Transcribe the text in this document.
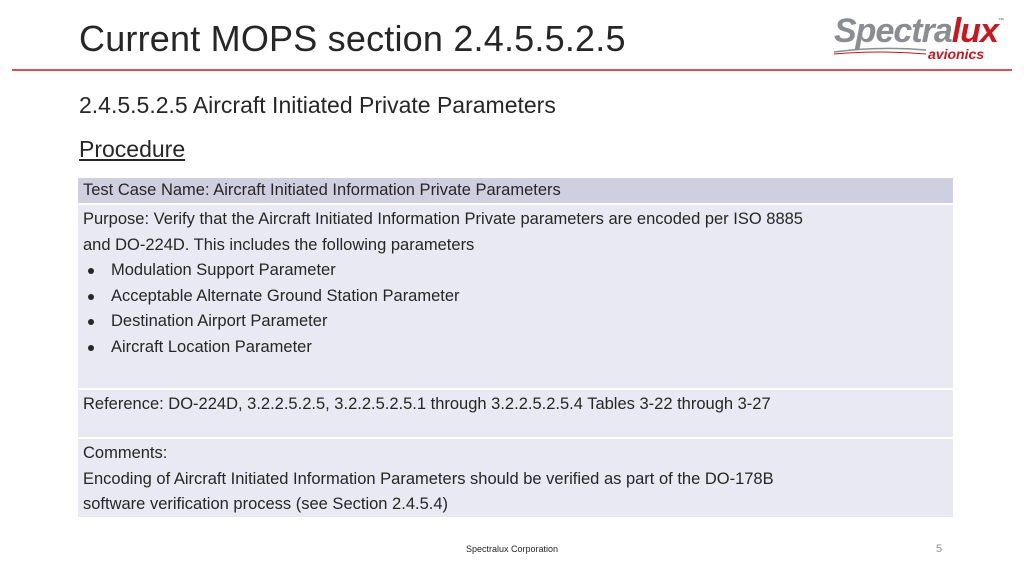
Current MOPS section 2.4.5.5.2.5	Spectralux ™
avionics
2.4.5.5.2.5 Aircraft Initiated Private Parameters
Procedure
Test Case Name: Aircraft Initiated Information Private Parameters
Purpose: Verify that the Aircraft Initiated Information Private parameters are encoded per ISO 8885
and DO-224D. This includes the following parameters
Modulation Support Parameter
Acceptable Alternate Ground Station Parameter
Destination Airport Parameter
Aircraft Location Parameter
Reference: DO-224D, 3.2.2.5.2.5, 3.2.2.5.2.5.1 through 3.2.2.5.2.5.4 Tables 3-22 through 3-27
Comments:
Encoding of Aircraft Initiated Information Parameters should be verified as part of the DO-178B
software verification process (see Section 2.4.5.4)
Spectralux Corporation	5
